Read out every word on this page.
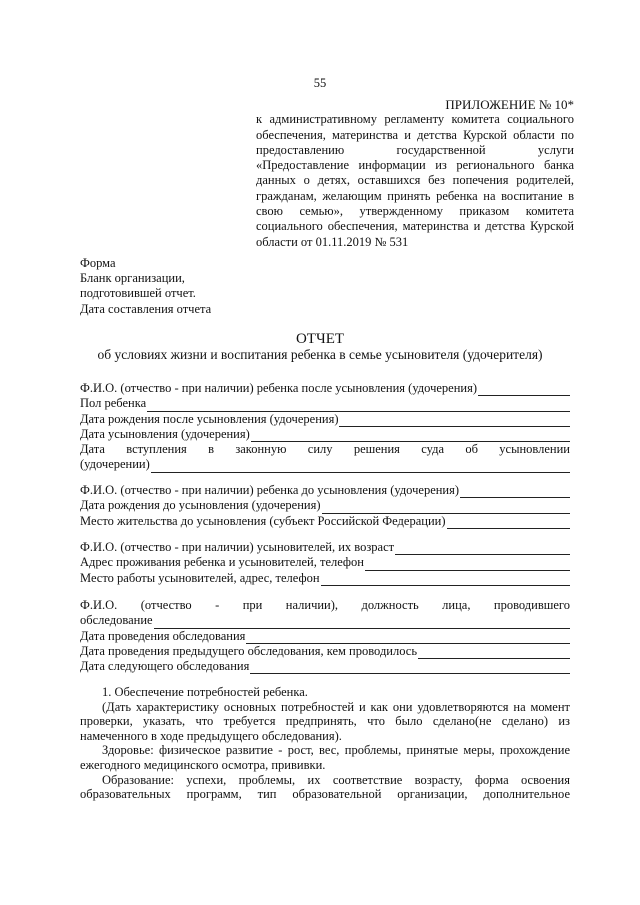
55
ПРИЛОЖЕНИЕ № 10*
к административному регламенту комитета социального
обеспечения, материнства и детства Курской области по
предоставлению государственной услуги
«Предоставление информации из регионального банка
данных о детях, оставшихся без попечения родителей,
гражданам, желающим принять ребенка на воспитание в
свою семью», утвержденному приказом комитета
социального обеспечения, материнства и детства Курской
области от 01.11.2019 № 531
Форма
Бланк организации,
подготовившей отчет.
Дата составления отчета
ОТЧЕТ
об условиях жизни и воспитания ребенка в семье усыновителя (удочерителя)
Ф.И.О. (отчество - при наличии) ребенка после усыновления (удочерения)
Пол ребенка
Дата рождения после усыновления (удочерения)
Дата усыновления (удочерения)
Дата вступления в законную силу решения суда об усыновлении
(удочерении)
Ф.И.О. (отчество - при наличии) ребенка до усыновления (удочерения)
Дата рождения до усыновления (удочерения)
Место жительства до усыновления (субъект Российской Федерации)
Ф.И.О. (отчество - при наличии) усыновителей, их возраст
Адрес проживания ребенка и усыновителей, телефон
Место работы усыновителей, адрес, телефон
Ф.И.О. (отчество - при наличии), должность лица, проводившего
обследование
Дата проведения обследования
Дата проведения предыдущего обследования, кем проводилось
Дата следующего обследования

1. Обеспечение потребностей ребенка.

(Дать характеристику основных потребностей и как они удовлетворяются на момент проверки, указать, что требуется предпринять, что было сделано(не сделано) из намеченного в ходе предыдущего обследования).

Здоровье: физическое развитие - рост, вес, проблемы, принятые меры, прохождение ежегодного медицинского осмотра, прививки.

Образование: успехи, проблемы, их соответствие возрасту, форма освоения образовательных программ, тип образовательной организации, дополнительное
